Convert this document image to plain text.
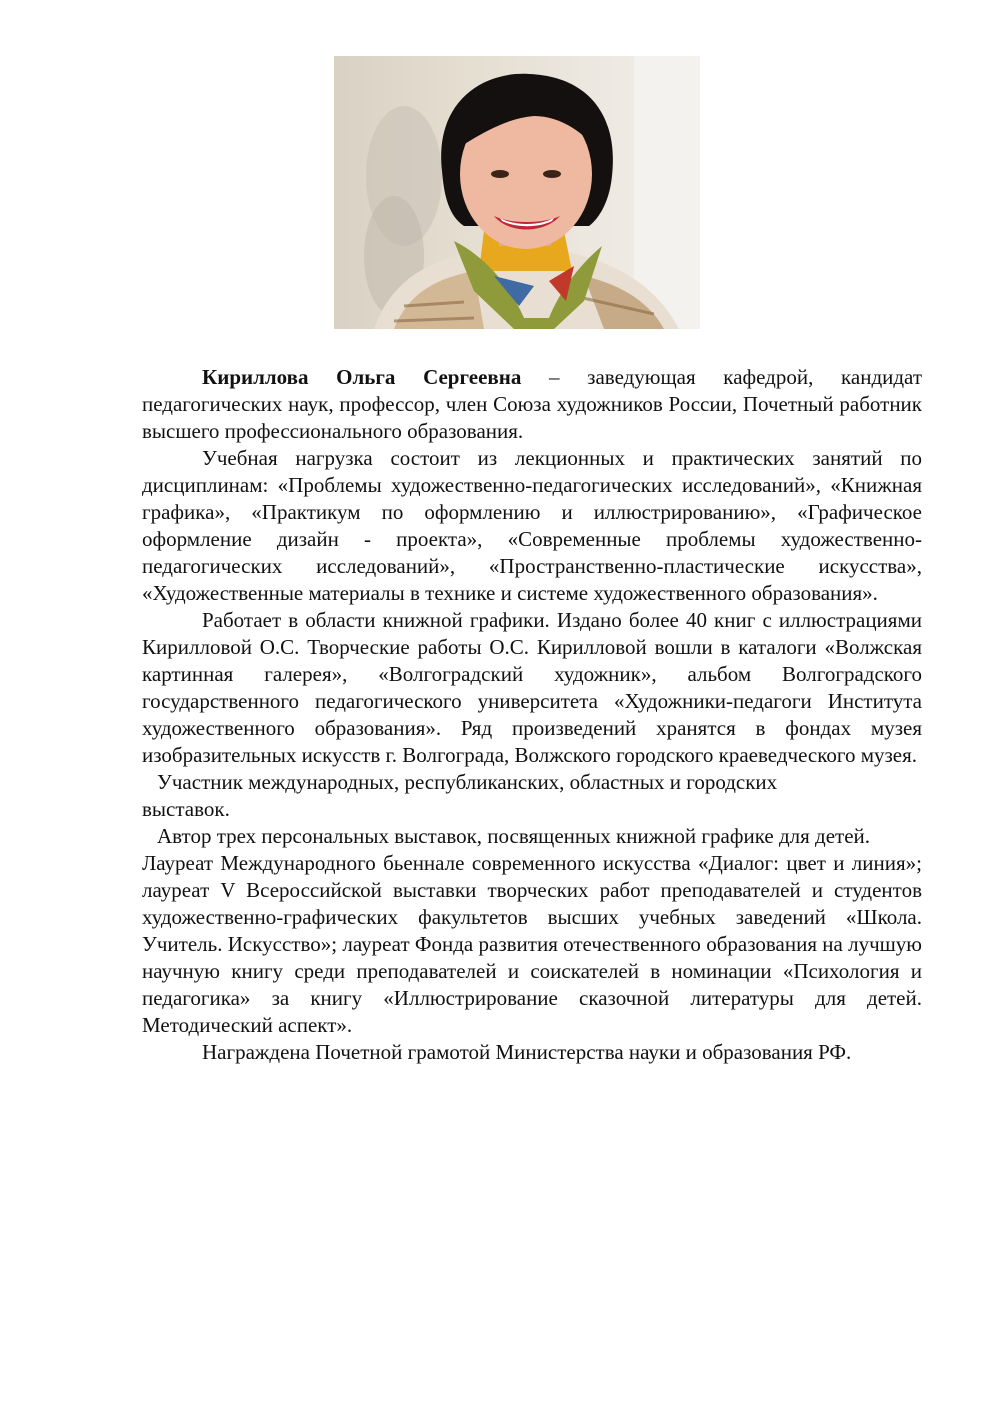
Кириллова Ольга Сергеевна – заведующая кафедрой, кандидат педагогических наук, профессор, член Союза художников России, Почетный работник высшего профессионального образования.

Учебная нагрузка состоит из лекционных и практических занятий по дисциплинам: «Проблемы художественно-педагогических исследований», «Книжная графика», «Практикум по оформлению и иллюстрированию», «Графическое оформление дизайн - проекта», «Современные проблемы художественно-педагогических исследований», «Пространственно-пластические искусства», «Художественные материалы в технике и системе художественного образования».

Работает в области книжной графики. Издано более 40 книг с иллюстрациями Кирилловой О.С. Творческие работы О.С. Кирилловой вошли в каталоги «Волжская картинная галерея», «Волгоградский художник», альбом Волгоградского государственного педагогического университета «Художники-педагоги Института художественного образования». Ряд произведений хранятся в фондах музея изобразительных искусств г. Волгограда, Волжского городского краеведческого музея.

Участник международных, республиканских, областных и городских выставок.

Автор трех персональных выставок, посвященных книжной графике для детей.

Лауреат Международного бьеннале современного искусства «Диалог: цвет и линия»; лауреат V Всероссийской выставки творческих работ преподавателей и студентов художественно-графических факультетов высших учебных заведений «Школа. Учитель. Искусство»; лауреат Фонда развития отечественного образования на лучшую научную книгу среди преподавателей и соискателей в номинации «Психология и педагогика» за книгу «Иллюстрирование сказочной литературы для детей. Методический аспект».

Награждена Почетной грамотой Министерства науки и образования РФ.
